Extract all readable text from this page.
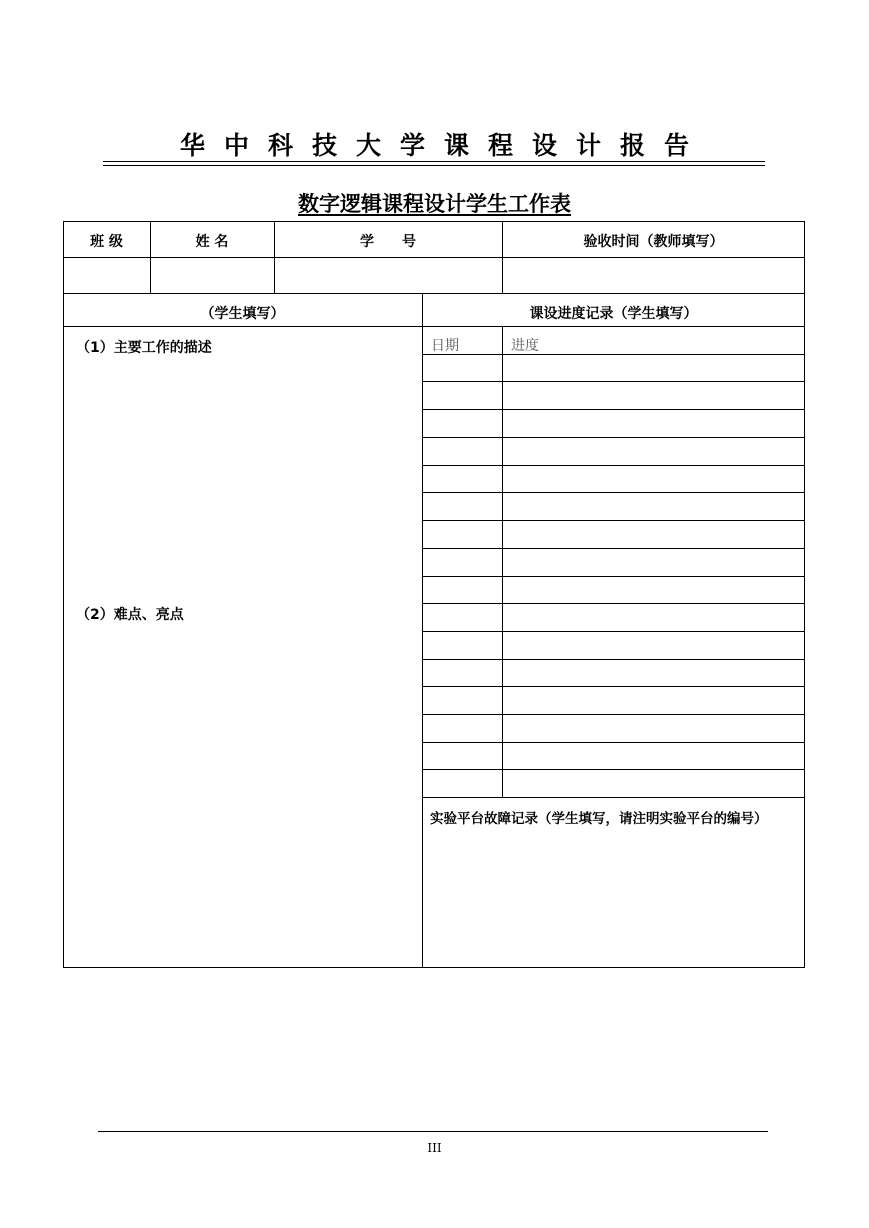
华中科技大学课程设计报告
数字逻辑课程设计学生工作表
班 级	姓 名	学　　号	验收时间（教师填写）
（学生填写）
（1）主要工作的描述
（2）难点、亮点
课设进度记录（学生填写）
日期	进度
实验平台故障记录（学生填写，请注明实验平台的编号）
III
